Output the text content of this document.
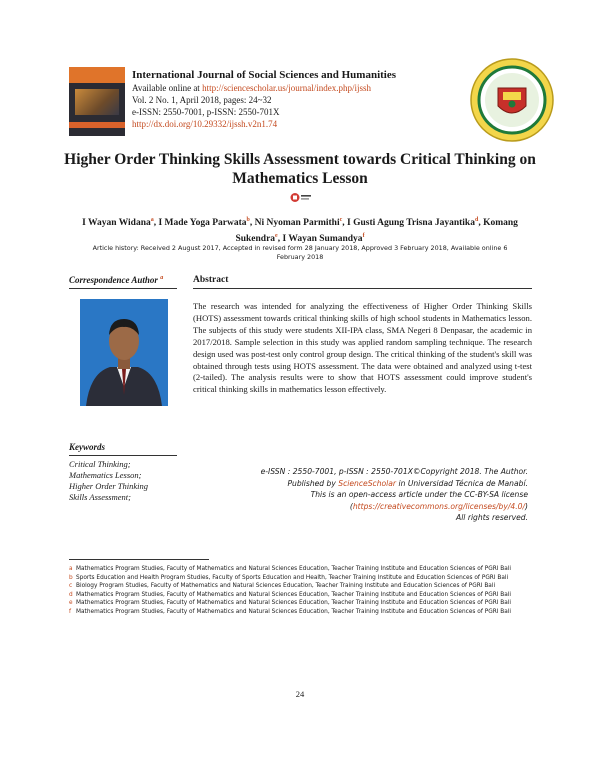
International Journal of Social Sciences and Humanities
Available online at http://sciencescholar.us/journal/index.php/ijssh
Vol. 2 No. 1, April 2018, pages: 24~32
e-ISSN: 2550-7001, p-ISSN: 2550-701X
http://dx.doi.org/10.29332/ijssh.v2n1.74
Higher Order Thinking Skills Assessment towards Critical Thinking on Mathematics Lesson
I Wayan Widana$^a$, I Made Yoga Parwata$^b$, Ni Nyoman Parmithi$^c$, I Gusti Agung Trisna Jayantika$^d$, Komang Sukendra$^e$, I Wayan Sumandya$^f$
Article history: Received 2 August 2017, Accepted in revised form 28 January 2018, Approved 3 February 2018, Available online 6 February 2018
Correspondence Author $^a$	Abstract
The research was intended for analyzing the effectiveness of Higher Order Thinking Skills (HOTS) assessment towards critical thinking skills of high school students in Mathematics lesson. The subjects of this study were students XII-IPA class, SMA Negeri 8 Denpasar, the academic in 2017/2018. Sample selection in this study was applied random sampling technique. The research design used was post-test only control group design. The critical thinking of the student's skill was obtained through tests using HOTS assessment. The data were obtained and analyzed using t-test (2-tailed). The analysis results were to show that HOTS assessment could improve student's critical thinking skills in mathematics lesson effectively.
Keywords
Critical Thinking;
Mathematics Lesson;
Higher Order Thinking
Skills Assessment;
e-ISSN : 2550-7001, p-ISSN : 2550-701X©Copyright 2018. The Author.
Published by ScienceScholar in Universidad Técnica de Manabí.
This is an open-access article under the CC-BY-SA license
(https://creativecommons.org/licenses/by/4.0/)
All rights reserved.
a Mathematics Program Studies, Faculty of Mathematics and Natural Sciences Education, Teacher Training Institute and Education Sciences of PGRI Bali
b Sports Education and Health Program Studies, Faculty of Sports Education and Health, Teacher Training Institute and Education Sciences of PGRI Bali
c Biology Program Studies, Faculty of Mathematics and Natural Sciences Education, Teacher Training Institute and Education Sciences of PGRI Bali
d Mathematics Program Studies, Faculty of Mathematics and Natural Sciences Education, Teacher Training Institute and Education Sciences of PGRI Bali
e Mathematics Program Studies, Faculty of Mathematics and Natural Sciences Education, Teacher Training Institute and Education Sciences of PGRI Bali
f Mathematics Program Studies, Faculty of Mathematics and Natural Sciences Education, Teacher Training Institute and Education Sciences of PGRI Bali
24
